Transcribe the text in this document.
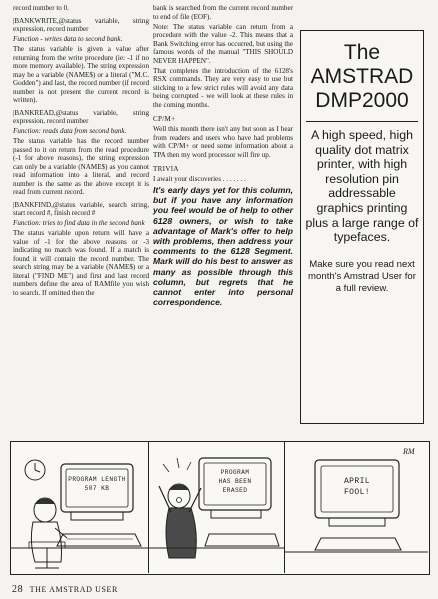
record number to 0.

|BANKWRITE,@status variable, string expression, record number

Function - writes data to second bank.

The status variable is given a value after returning from the write procedure (ie: -1 if no more memory available). The string expression may be a variable (NAME$) or a literal ("M.C. Godden") and last, the record number (if record number is not present the current record is written).

|BANKREAD,@status variable, string expression, record number

Function: reads data from second bank.

The status variable has the record number passed to it on return from the read procedure (-1 for above reasons), the string expression can only be a variable (NAME$) as you cannot read information into a literal, and record number is the same as the above except it is read from current record.

|BANKFIND,@status variable, search string, start record #, finish record #

Function: tries to find data in the second bank

The status variable upon return will have a value of -1 for the above reasons or -3 indicating no match was found. If a match is found it will contain the record number. The search string may be a variable (NAME$) or a literal ("FIND ME") and first and last record numbers define the area of RAMfile you wish to search. If omitted then the

bank is searched from the current record number to end of file (EOF).

Note: The status variable can return from a procedure with the value -2. This means that a Bank Switching error has occurred, but using the famous words of the manual "THIS SHOULD NEVER HAPPEN".

That completes the introduction of the 6128's RSX commands. They are very easy to use but sticking to a few strict rules will avoid any data being corrupted - we will look at these rules in the coming months.

CP/M+

Well this month there isn't any but soon as I hear from readers and users who have had problems with CP/M+ or need some information about a TPA then my word processor will fire up.

TRIVIA

I await your discoveries . . . . . . .

It's early days yet for this column, but if you have any information you feel would be of help to other 6128 owners, or wish to take advantage of Mark's offer to help with problems, then address your comments to the 6128 Segment. Mark will do his best to answer as many as possible through this column, but regrets that he cannot enter into personal correspondence.

The
AMSTRAD
DMP2000
A high speed, high quality dot matrix printer, with high resolution pin addressable graphics printing plus a large range of typefaces.
Make sure you read next month's Amstrad User for a full review.
PROGRAM LENGTH
507 KB
PROGRAM
HAS BEEN
ERASED
APRIL
FOOL!
RM
28 THE AMSTRAD USER
